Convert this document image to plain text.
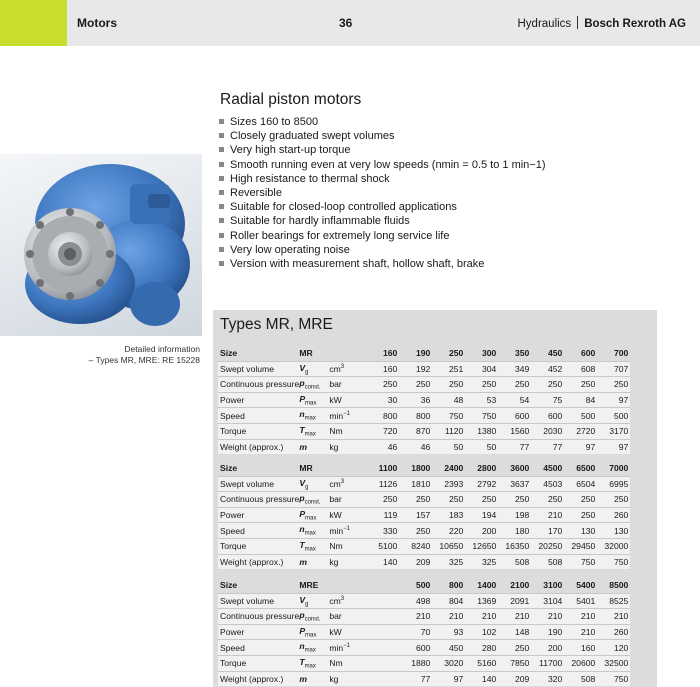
Motors	36	Hydraulics Bosch Rexroth AG
Radial piston motors
Sizes 160 to 8500
Closely graduated swept volumes
Very high start-up torque
Smooth running even at very low speeds (nmin = 0.5 to 1 min−1)
High resistance to thermal shock
Reversible
Suitable for closed-loop controlled applications
Suitable for hardly inflammable fluids
Roller bearings for extremely long service life
Very low operating noise
Version with measurement shaft, hollow shaft, brake
Detailed information
– Types MR, MRE: RE 15228
Types MR, MRE
Size	MR		160	190	250	300	350	450	600	700
Swept volume	$V_g$	$cm^3$	160	192	251	304	349	452	608	707
Continuous pressure	$p_{const.}$	bar	250	250	250	250	250	250	250	250
Power	$P_{max}$	kW	30	36	48	53	54	75	84	97
Speed	$n_{max}$	$\min^{-1}$	800	800	750	750	600	600	500	500
Torque	$T_{max}$	Nm	720	870	1120	1380	1560	2030	2720	3170
Weight (approx.)	m	kg	46	46	50	50	77	77	97	97
Size	MR		1100	1800	2400	2800	3600	4500	6500	7000
Swept volume	$V_g$	$cm^3$	1126	1810	2393	2792	3637	4503	6504	6995
Continuous pressure	$p_{const.}$	bar	250	250	250	250	250	250	250	250
Power	$P_{max}$	kW	119	157	183	194	198	210	250	260
Speed	$n_{max}$	$\min^{-1}$	330	250	220	200	180	170	130	130
Torque	$T_{max}$	Nm	5100	8240	10650	12650	16350	20250	29450	32000
Weight (approx.)	m	kg	140	209	325	325	508	508	750	750
Size	MRE			500	800	1400	2100	3100	5400	8500
Swept volume	$V_g$	$cm^3$		498	804	1369	2091	3104	5401	8525
Continuous pressure	$p_{const.}$	bar		210	210	210	210	210	210	210
Power	$P_{max}$	kW		70	93	102	148	190	210	260
Speed	$n_{max}$	$\min^{-1}$		600	450	280	250	200	160	120
Torque	$T_{max}$	Nm		1880	3020	5160	7850	11700	20600	32500
Weight (approx.)	m	kg		77	97	140	209	320	508	750
